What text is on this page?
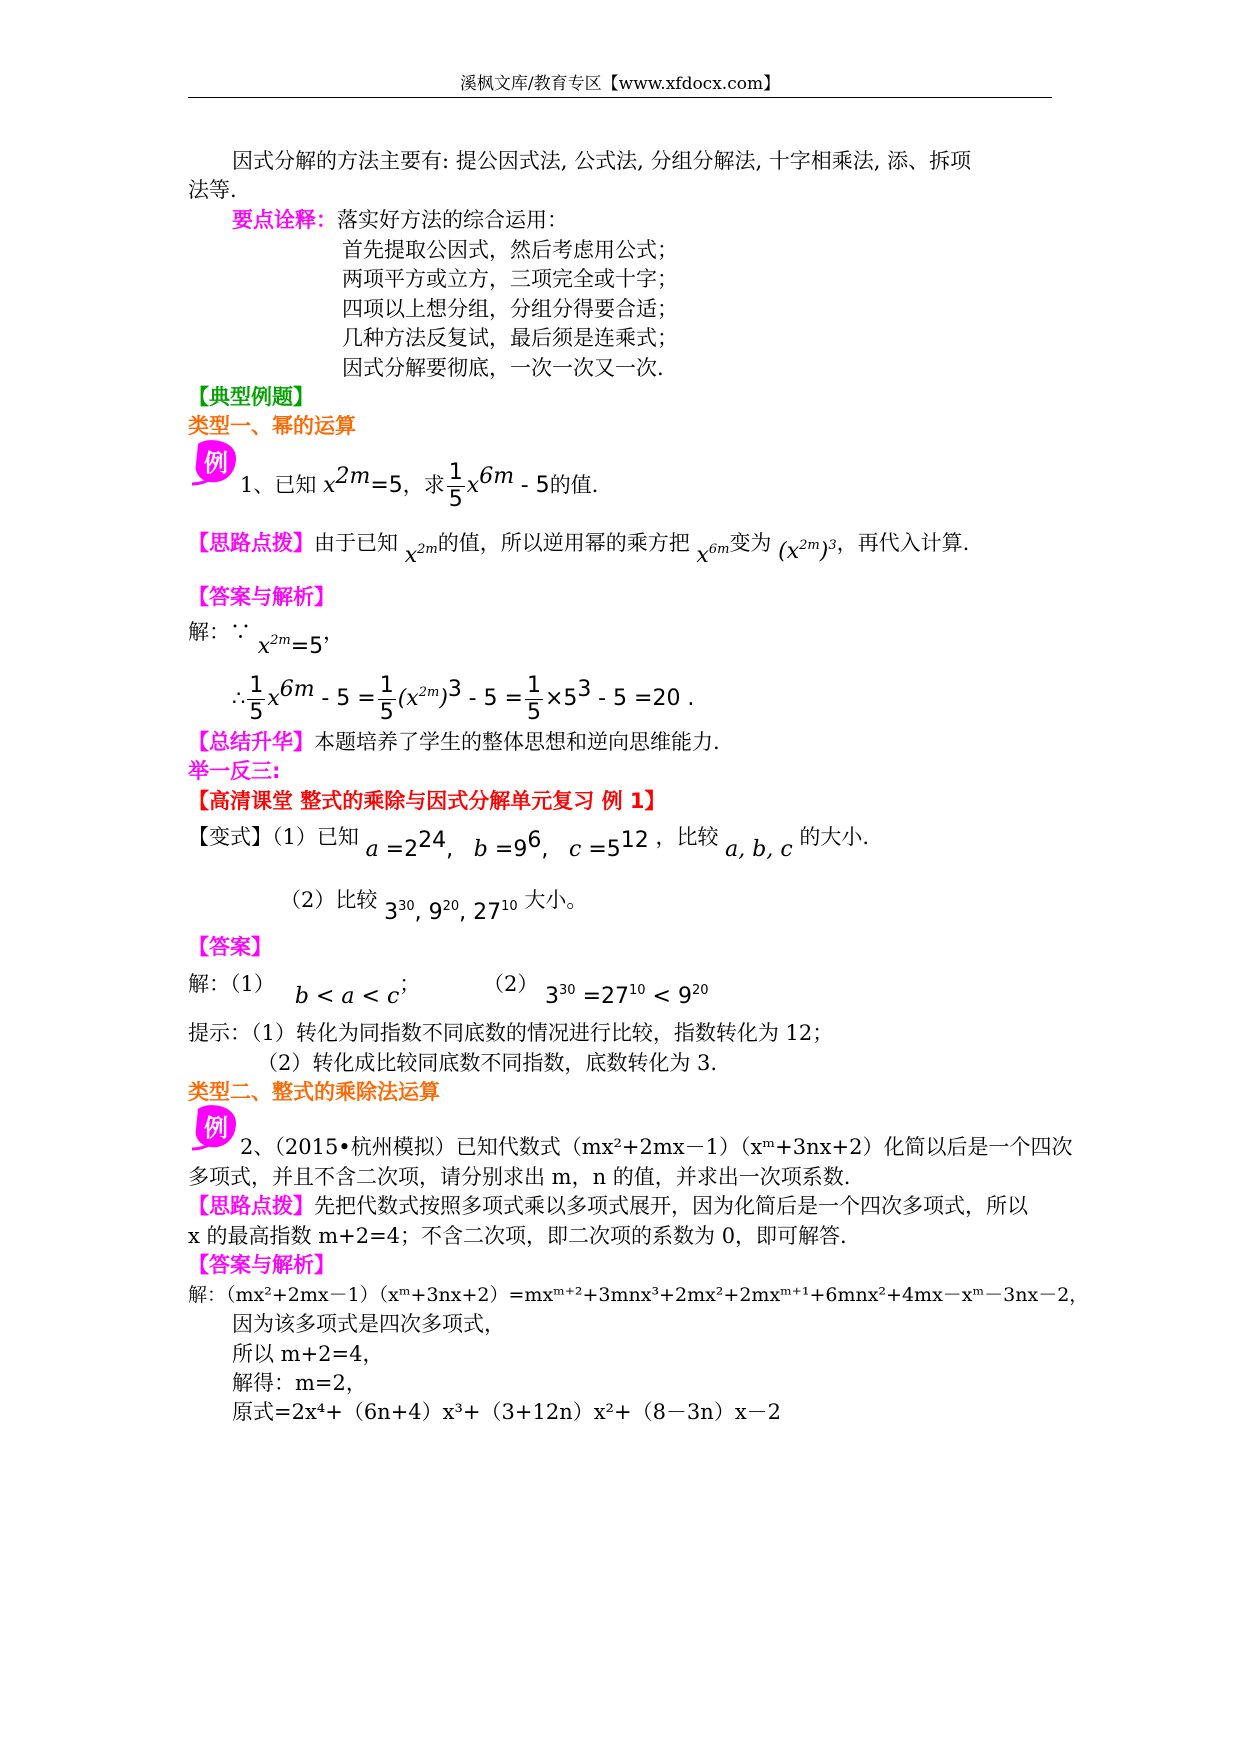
溪枫文库/教育专区【www.xfdocx.com】
因式分解的方法主要有: 提公因式法, 公式法, 分组分解法, 十字相乘法, 添、拆项
法等.
要点诠释：落实好方法的综合运用：
首先提取公因式，然后考虑用公式；
两项平方或立方，三项完全或十字；
四项以上想分组，分组分得要合适；
几种方法反复试，最后须是连乘式；
因式分解要彻底，一次一次又一次.
【典型例题】
类型一、幂的运算
例
1、已知 $x^{2m}=5$，求 $\frac{1}{5} x^{6m} - 5$的值.
【思路点拨】由于已知 $x^{2m}$的值，所以逆用幂的乘方把 $x^{6m}$变为 $(x^{2m})^3$，再代入计算.
【答案与解析】
解：∵ $x^{2m}=5$，
∴ $\frac{1}{5} x^{6m} - 5 = \frac{1}{5} (x^{2m})^3 - 5 = \frac{1}{5} \times 5^3 - 5 =20$ .
【总结升华】本题培养了学生的整体思想和逆向思维能力.
举一反三:
【高清课堂 整式的乘除与因式分解单元复习 例 1】
【变式】（1）已知 $a =2^{24}$,   $b =9^6$,   $c =5^{12}$ ，比较 a, b, c 的大小.
（2）比较 $3^{30}$, $9^{20}$, $27^{10}$ 大小。
【答案】
解：（1） b < a < c；	（2） $3^{30} =27^{10} < 9^{20}$
提示：（1）转化为同指数不同底数的情况进行比较，指数转化为 12；
（2）转化成比较同底数不同指数，底数转化为 3.
类型二、整式的乘除法运算
例
2、（2015•杭州模拟）已知代数式（mx²+2mx－1）（xᵐ+3nx+2）化简以后是一个四次
多项式，并且不含二次项，请分别求出 m，n 的值，并求出一次项系数.
【思路点拨】先把代数式按照多项式乘以多项式展开，因为化简后是一个四次多项式，所以
x 的最高指数 m+2=4；不含二次项，即二次项的系数为 0，即可解答.
【答案与解析】
解：（mx²+2mx－1）（xᵐ+3nx+2）=mxᵐ⁺²+3mnx³+2mx²+2mxᵐ⁺¹+6mnx²+4mx－xᵐ－3nx－2，
因为该多项式是四次多项式，
所以 m+2=4，
解得：m=2，
原式=2x⁴+（6n+4）x³+（3+12n）x²+（8－3n）x－2
